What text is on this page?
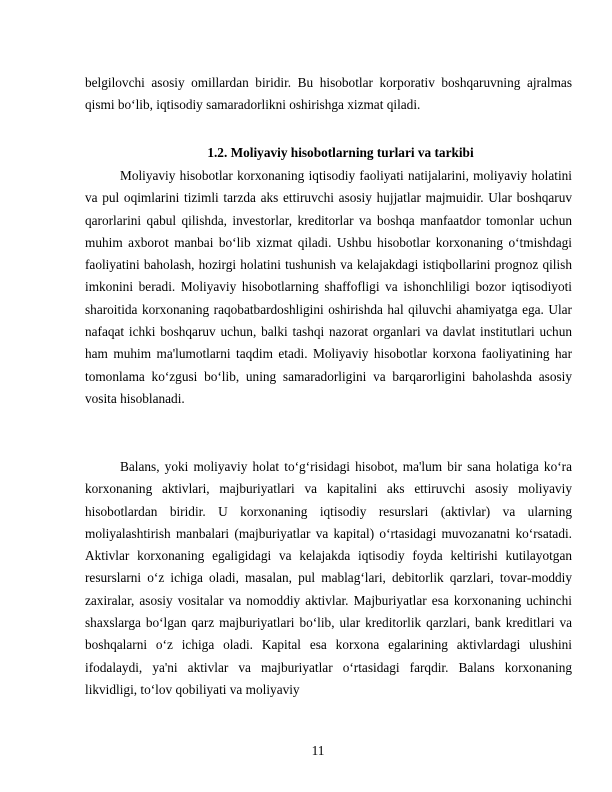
belgilovchi asosiy omillardan biridir. Bu hisobotlar korporativ boshqaruvning ajralmas qismi boʻlib, iqtisodiy samaradorlikni oshirishga xizmat qiladi.

1.2. Moliyaviy hisobotlarning turlari va tarkibi

Moliyaviy hisobotlar korxonaning iqtisodiy faoliyati natijalarini, moliyaviy holatini va pul oqimlarini tizimli tarzda aks ettiruvchi asosiy hujjatlar majmuidir. Ular boshqaruv qarorlarini qabul qilishda, investorlar, kreditorlar va boshqa manfaatdor tomonlar uchun muhim axborot manbai boʻlib xizmat qiladi. Ushbu hisobotlar korxonaning oʻtmishdagi faoliyatini baholash, hozirgi holatini tushunish va kelajakdagi istiqbollarini prognoz qilish imkonini beradi. Moliyaviy hisobotlarning shaffofligi va ishonchliligi bozor iqtisodiyoti sharoitida korxonaning raqobatbardoshligini oshirishda hal qiluvchi ahamiyatga ega. Ular nafaqat ichki boshqaruv uchun, balki tashqi nazorat organlari va davlat institutlari uchun ham muhim ma'lumotlarni taqdim etadi. Moliyaviy hisobotlar korxona faoliyatining har tomonlama koʻzgusi boʻlib, uning samaradorligini va barqarorligini baholashda asosiy vosita hisoblanadi.

Balans, yoki moliyaviy holat toʻgʻrisidagi hisobot, ma'lum bir sana holatiga koʻra korxonaning aktivlari, majburiyatlari va kapitalini aks ettiruvchi asosiy moliyaviy hisobotlardan biridir. U korxonaning iqtisodiy resurslari (aktivlar) va ularning moliyalashtirish manbalari (majburiyatlar va kapital) oʻrtasidagi muvozanatni koʻrsatadi. Aktivlar korxonaning egaligidagi va kelajakda iqtisodiy foyda keltirishi kutilayotgan resurslarni oʻz ichiga oladi, masalan, pul mablagʻlari, debitorlik qarzlari, tovar-moddiy zaxiralar, asosiy vositalar va nomoddiy aktivlar. Majburiyatlar esa korxonaning uchinchi shaxslarga boʻlgan qarz majburiyatlari boʻlib, ular kreditorlik qarzlari, bank kreditlari va boshqalarni oʻz ichiga oladi. Kapital esa korxona egalarining aktivlardagi ulushini ifodalaydi, ya'ni aktivlar va majburiyatlar oʻrtasidagi farqdir. Balans korxonaning likvidligi, toʻlov qobiliyati va moliyaviy

11
